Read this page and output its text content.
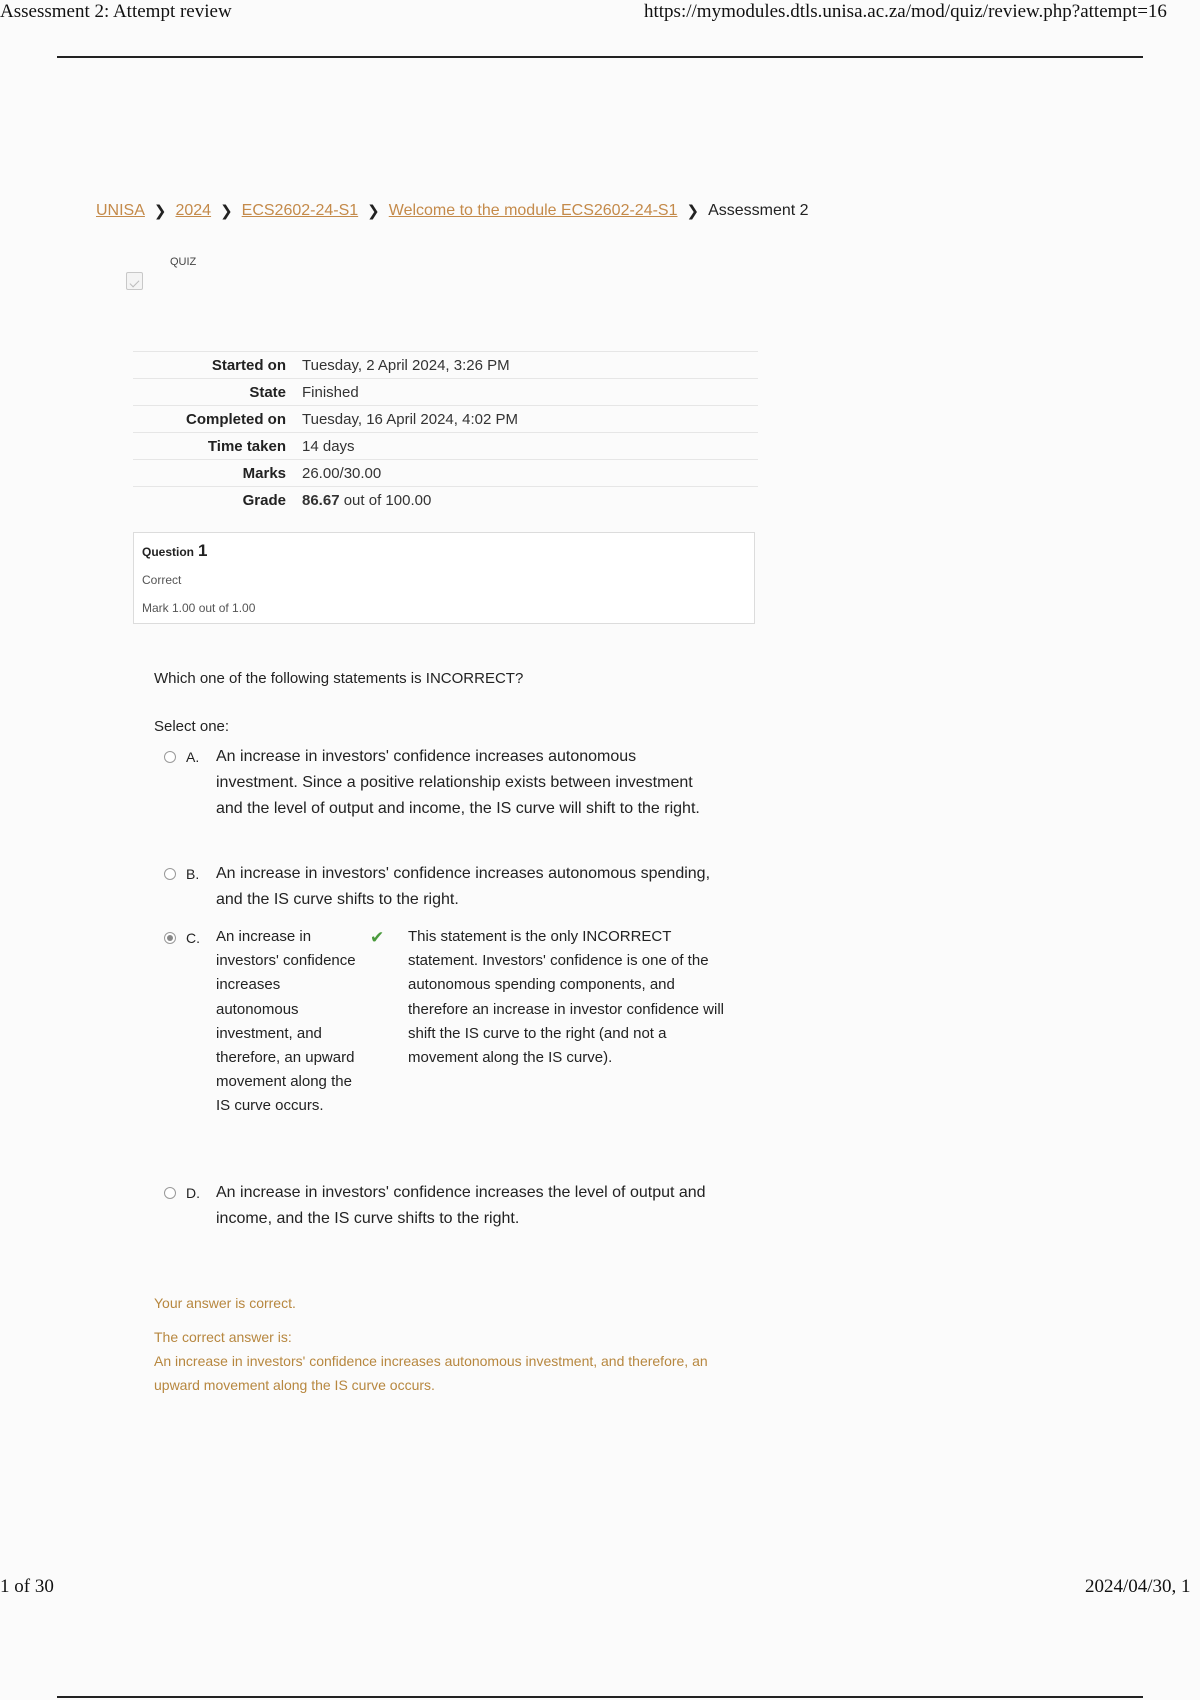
Assessment 2: Attempt review	https://mymodules.dtls.unisa.ac.za/mod/quiz/review.php?attempt=16
UNISA ❯ 2024 ❯ ECS2602-24-S1 ❯ Welcome to the module ECS2602-24-S1 ❯ Assessment 2
QUIZ
Started on	Tuesday, 2 April 2024, 3:26 PM
State	Finished
Completed on	Tuesday, 16 April 2024, 4:02 PM
Time taken	14 days
Marks	26.00/30.00
Grade	86.67 out of 100.00
Question 1
Correct
Mark 1.00 out of 1.00
Which one of the following statements is INCORRECT?
Select one:
A. An increase in investors' confidence increases autonomous investment. Since a positive relationship exists between investment and the level of output and income, the IS curve will shift to the right.
B. An increase in investors' confidence increases autonomous spending, and the IS curve shifts to the right.
C. An increase in investors' confidence increases autonomous investment, and therefore, an upward movement along the IS curve occurs.
✔ This statement is the only INCORRECT statement. Investors' confidence is one of the autonomous spending components, and therefore an increase in investor confidence will shift the IS curve to the right (and not a movement along the IS curve).
D. An increase in investors' confidence increases the level of output and income, and the IS curve shifts to the right.
Your answer is correct.
The correct answer is:
An increase in investors' confidence increases autonomous investment, and therefore, an upward movement along the IS curve occurs.
1 of 30	2024/04/30, 1
